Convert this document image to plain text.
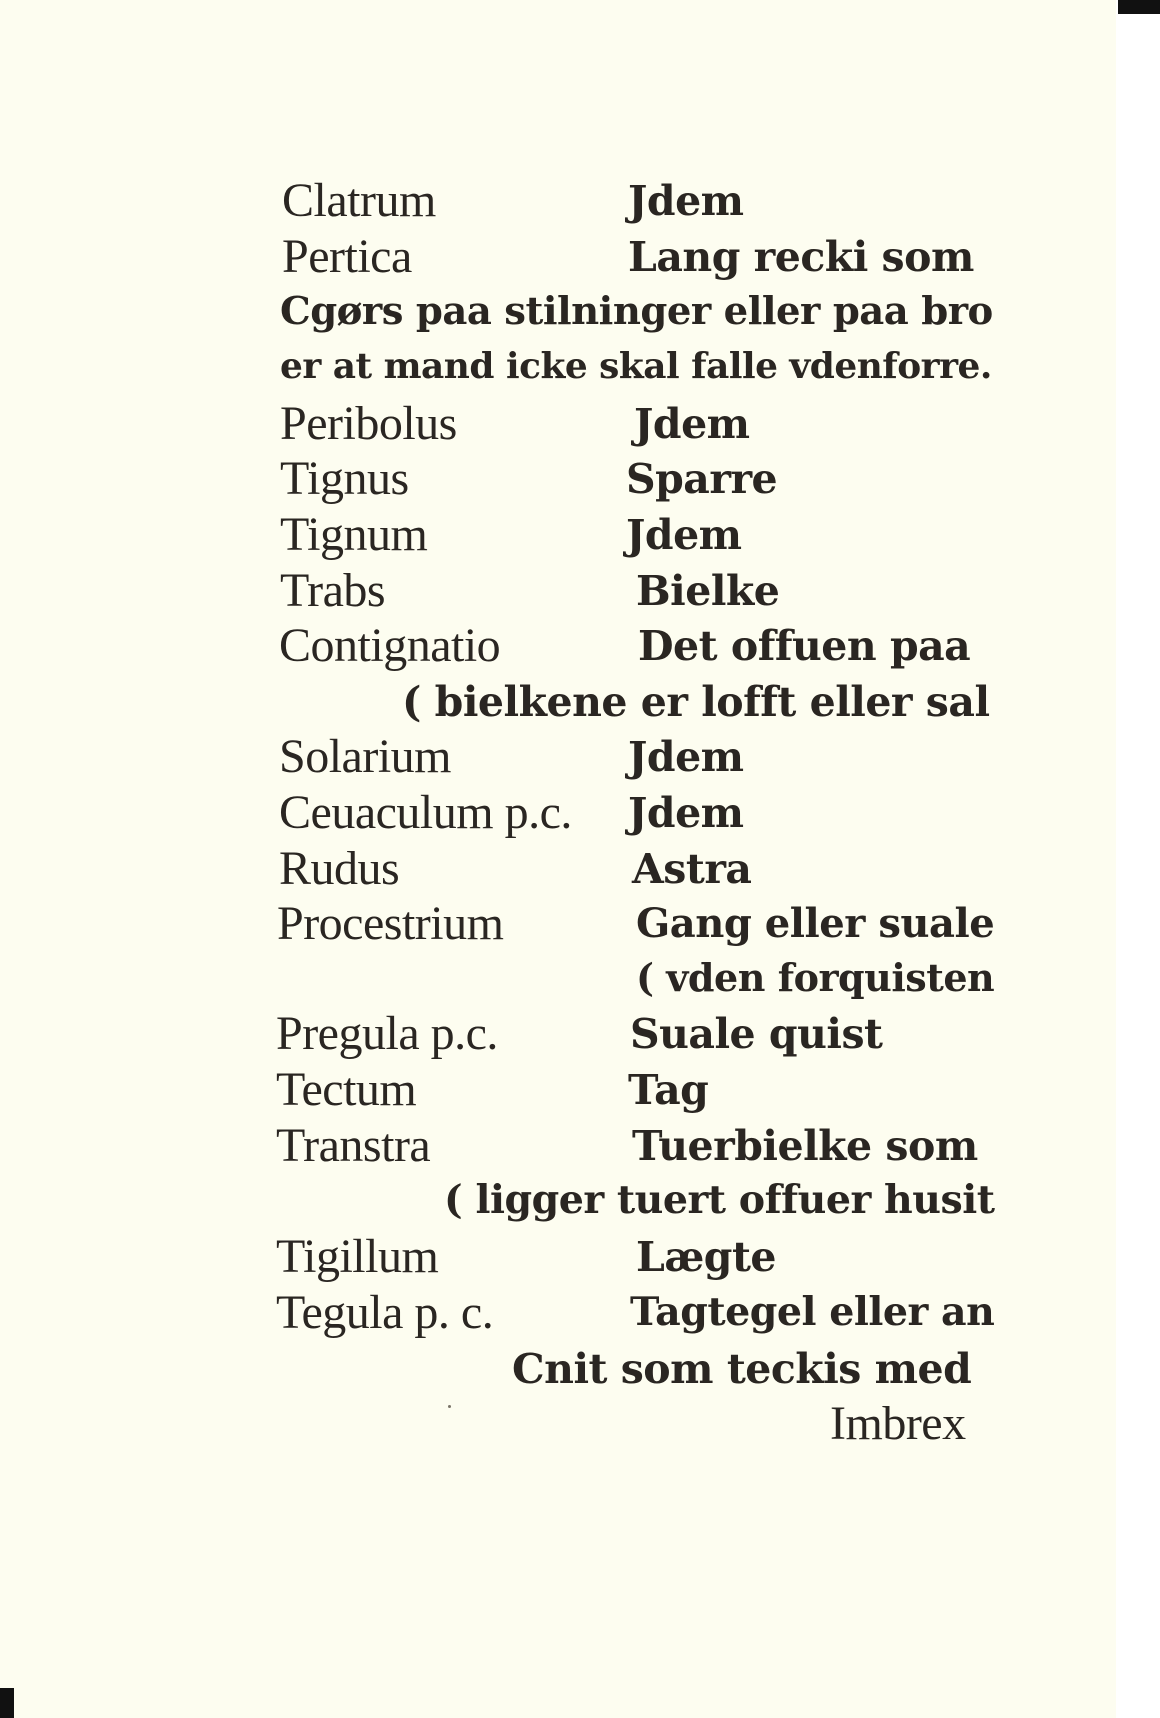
Clatrum
Pertica
Peribolus
Tignus
Tignum
Trabs
Contignatio
Solarium
Ceuaculum p.c.
Rudus
Procestrium
Pregula p.c.
Tectum
Transtra
Tigillum
Tegula p. c.
Imbrex
Jdem
Lang recki som
Cgørs paa stilninger eller paa bro
er at mand icke skal falle vdenforre.
Jdem
Sparre
Jdem
Bielke
Det offuen paa
( bielkene er lofft eller sal
Jdem
Jdem
Astra
Gang eller suale
( vden forquisten
Suale quist
Tag
Tuerbielke som
( ligger tuert offuer husit
Lægte
Tagtegel eller an
Cnit som teckis med
